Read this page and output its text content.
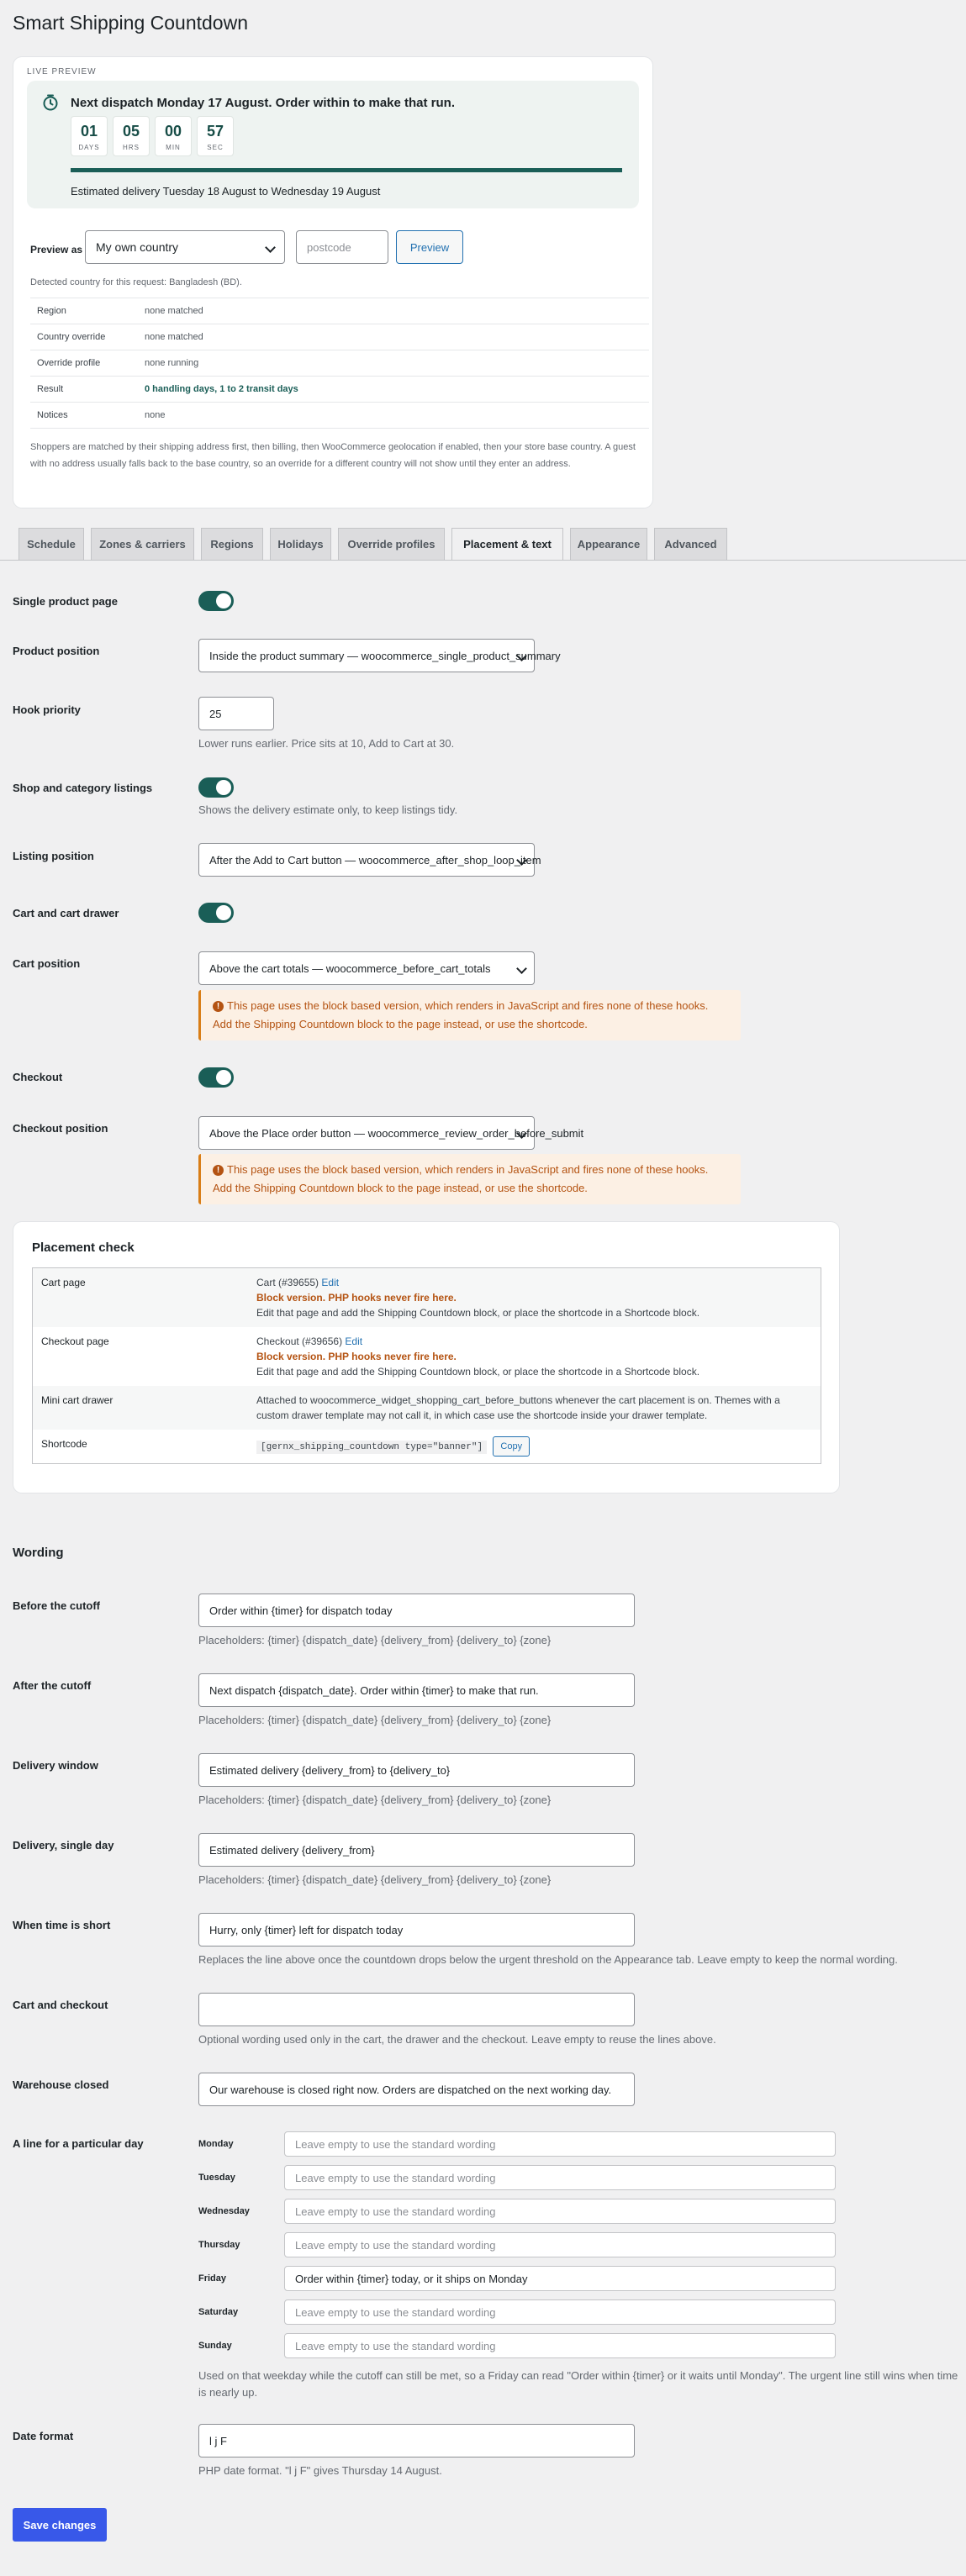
Smart Shipping Countdown
LIVE PREVIEW
Next dispatch Monday 17 August. Order within to make that run.
01
DAYS
05
HRS
00
MIN
57
SEC
Estimated delivery Tuesday 18 August to Wednesday 19 August
Preview as	My own country
postcode	Preview
Detected country for this request: Bangladesh (BD).
Region	none matched
Country override	none matched
Override profile	none running
Result	0 handling days, 1 to 2 transit days
Notices	none
Shoppers are matched by their shipping address first, then billing, then WooCommerce geolocation if enabled, then your store base country. A guest with no address usually falls back to the base country, so an override for a different country will not show until they enter an address.
Schedule	Zones & carriers	Regions	Holidays	Override profiles	Placement & text	Appearance	Advanced
Single product page
Product position	Inside the product summary — woocommerce_single_product_summary
Hook priority	25
Lower runs earlier. Price sits at 10, Add to Cart at 30.
Shop and category listings
Shows the delivery estimate only, to keep listings tidy.
Listing position	After the Add to Cart button — woocommerce_after_shop_loop_item
Cart and cart drawer
Cart position	Above the cart totals — woocommerce_before_cart_totals
! This page uses the block based version, which renders in JavaScript and fires none of these hooks. Add the Shipping Countdown block to the page instead, or use the shortcode.
Checkout
Checkout position	Above the Place order button — woocommerce_review_order_before_submit
! This page uses the block based version, which renders in JavaScript and fires none of these hooks. Add the Shipping Countdown block to the page instead, or use the shortcode.
Placement check
Cart page	Cart (#39655) Edit
Block version. PHP hooks never fire here.
Edit that page and add the Shipping Countdown block, or place the shortcode in a Shortcode block.
Checkout page	Checkout (#39656) Edit
Block version. PHP hooks never fire here.
Edit that page and add the Shipping Countdown block, or place the shortcode in a Shortcode block.
Mini cart drawer	Attached to woocommerce_widget_shopping_cart_before_buttons whenever the cart placement is on. Themes with a custom drawer template may not call it, in which case use the shortcode inside your drawer template.
Shortcode	[gernx_shipping_countdown type="banner"] Copy
Wording
Before the cutoff	Order within {timer} for dispatch today
Placeholders: {timer} {dispatch_date} {delivery_from} {delivery_to} {zone}
After the cutoff	Next dispatch {dispatch_date}. Order within {timer} to make that run.
Placeholders: {timer} {dispatch_date} {delivery_from} {delivery_to} {zone}
Delivery window	Estimated delivery {delivery_from} to {delivery_to}
Placeholders: {timer} {dispatch_date} {delivery_from} {delivery_to} {zone}
Delivery, single day	Estimated delivery {delivery_from}
Placeholders: {timer} {dispatch_date} {delivery_from} {delivery_to} {zone}
When time is short	Hurry, only {timer} left for dispatch today
Replaces the line above once the countdown drops below the urgent threshold on the Appearance tab. Leave empty to keep the normal wording.
Cart and checkout
Optional wording used only in the cart, the drawer and the checkout. Leave empty to reuse the lines above.
Warehouse closed	Our warehouse is closed right now. Orders are dispatched on the next working day.
A line for a particular day	Monday
Leave empty to use the standard wording
Tuesday
Leave empty to use the standard wording
Wednesday
Leave empty to use the standard wording
Thursday
Leave empty to use the standard wording
Friday
Order within {timer} today, or it ships on Monday
Saturday
Leave empty to use the standard wording
Sunday
Leave empty to use the standard wording
Used on that weekday while the cutoff can still be met, so a Friday can read "Order within {timer} or it waits until Monday". The urgent line still wins when time is nearly up.
Date format	l j F
PHP date format. "l j F" gives Thursday 14 August.
Save changes
